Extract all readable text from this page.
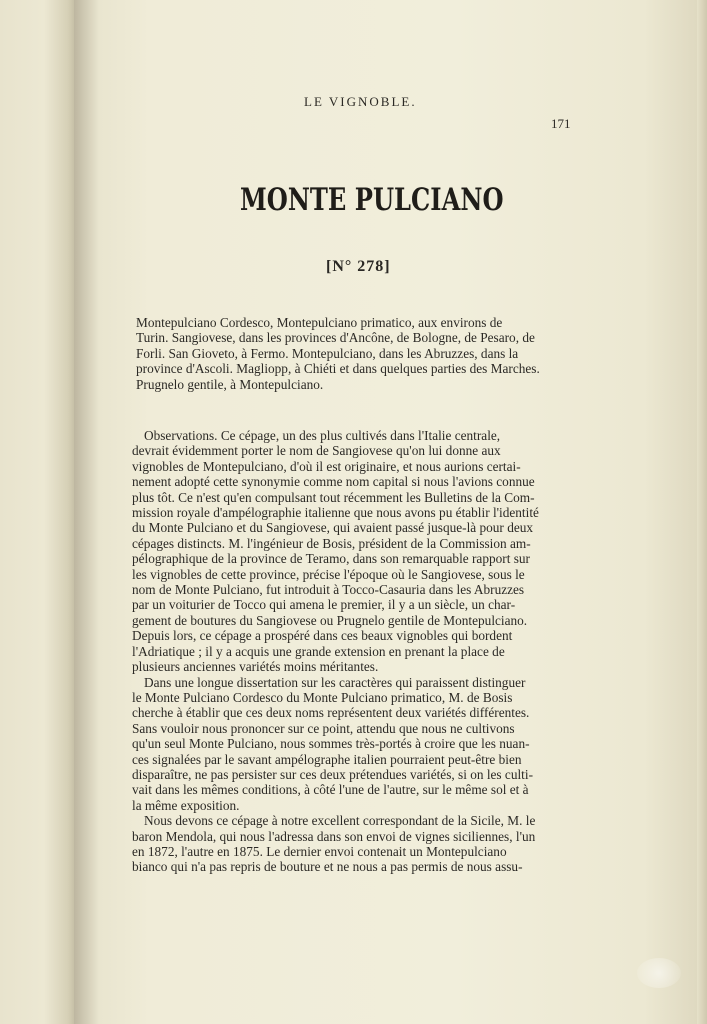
LE VIGNOBLE.
171
MONTE PULCIANO
[N° 278]
Montepulciano Cordesco, Montepulciano primatico, aux environs de
Turin. Sangiovese, dans les provinces d'Ancône, de Bologne, de Pesaro, de
Forli. San Gioveto, à Fermo. Montepulciano, dans les Abruzzes, dans la
province d'Ascoli. Magliopp, à Chiéti et dans quelques parties des Marches.
Prugnelo gentile, à Montepulciano.
Observations. Ce cépage, un des plus cultivés dans l'Italie centrale,
devrait évidemment porter le nom de Sangiovese qu'on lui donne aux
vignobles de Montepulciano, d'où il est originaire, et nous aurions certai-
nement adopté cette synonymie comme nom capital si nous l'avions connue
plus tôt. Ce n'est qu'en compulsant tout récemment les Bulletins de la Com-
mission royale d'ampélographie italienne que nous avons pu établir l'identité
du Monte Pulciano et du Sangiovese, qui avaient passé jusque-là pour deux
cépages distincts. M. l'ingénieur de Bosis, président de la Commission am-
pélographique de la province de Teramo, dans son remarquable rapport sur
les vignobles de cette province, précise l'époque où le Sangiovese, sous le
nom de Monte Pulciano, fut introduit à Tocco-Casauria dans les Abruzzes
par un voiturier de Tocco qui amena le premier, il y a un siècle, un char-
gement de boutures du Sangiovese ou Prugnelo gentile de Montepulciano.
Depuis lors, ce cépage a prospéré dans ces beaux vignobles qui bordent
l'Adriatique ; il y a acquis une grande extension en prenant la place de
plusieurs anciennes variétés moins méritantes.
Dans une longue dissertation sur les caractères qui paraissent distinguer
le Monte Pulciano Cordesco du Monte Pulciano primatico, M. de Bosis
cherche à établir que ces deux noms représentent deux variétés différentes.
Sans vouloir nous prononcer sur ce point, attendu que nous ne cultivons
qu'un seul Monte Pulciano, nous sommes très-portés à croire que les nuan-
ces signalées par le savant ampélographe italien pourraient peut-être bien
disparaître, ne pas persister sur ces deux prétendues variétés, si on les culti-
vait dans les mêmes conditions, à côté l'une de l'autre, sur le même sol et à
la même exposition.
Nous devons ce cépage à notre excellent correspondant de la Sicile, M. le
baron Mendola, qui nous l'adressa dans son envoi de vignes siciliennes, l'un
en 1872, l'autre en 1875. Le dernier envoi contenait un Montepulciano
bianco qui n'a pas repris de bouture et ne nous a pas permis de nous assu-
